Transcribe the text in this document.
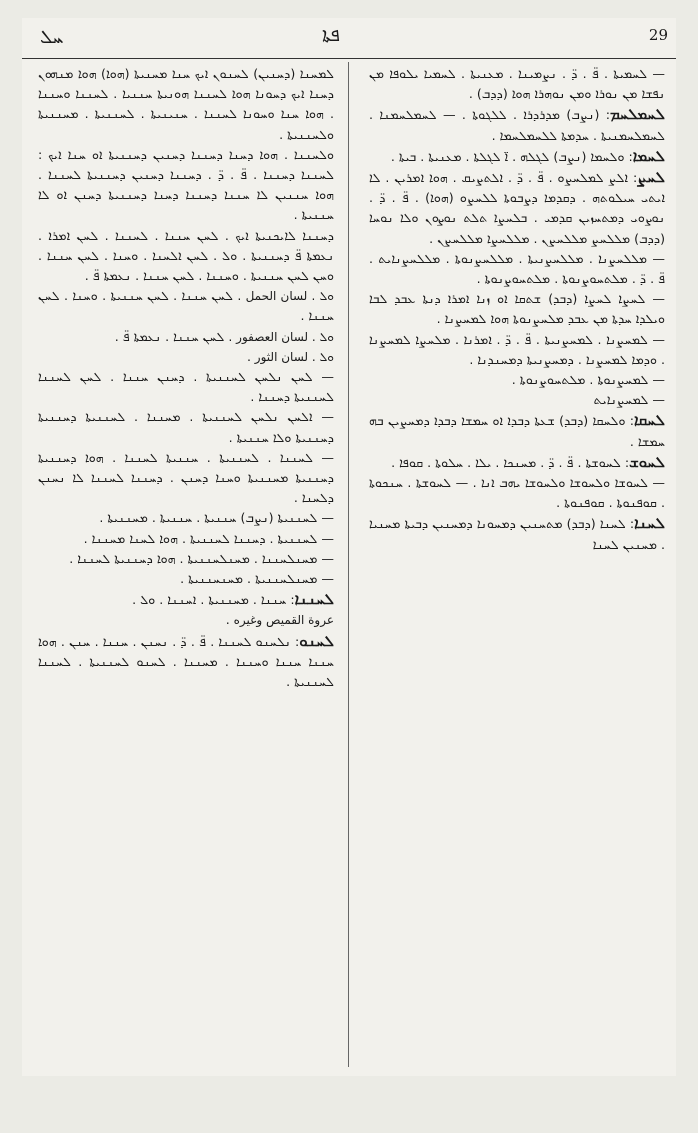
ܚܠ	ܦܬܐ	29

— ܠܚܡܝܬܐ . ܦ̈ . ܕ̈ . ܢܨܡܝܢܐ . ܡܥܢܝܬܐ . ܠܚܡܝܐ ܝܠܘܦܐ ܡܢ ܢܦܫܐ ܡܢ ܢܘܪܐ ܘܡܢ ܢܘܗܪܐ ܗܘܐ (ܕܕܒ) .

ܠܚܡܠܚܡ: (ܢܨܒ) ܡܕܪܕܪܐ . ܠܠܓܘܬܐ . — ܠܚܡܠܚܡܢܐ . ܠܚܡܠܚܡܢܝܬܐ . ܚܕܡܬܐ ܠܠܚܡܠܚܡܐ .

ܠܚܡܐ: ܘܠܚܡܐ (ܢܨܒ) ܠܓܠܗ . ܐ̈ ܠܓܠܬܐ . ܡܥܢܝܬܐ . ܒܝܬܐ .

ܠܚܨ: ܐܠܨ ܠܡܠܚܨܘ . ܦ̈ . ܕ̈ . ܐܠܬܨܝܩ . ܗܘܐ ܐܡܪܝܢ . ܠܐ ܐܝܬܝ ܚܝܠܘܬܗ . ܕܩܕܡܐ ܕܨܒܘܬܐ ܠܠܚܨܘ (ܗܘܐ) . ܦ̈ . ܕ̈ . ܢܘܨܘܝ ܕܡܬܚܙܝܢ ܩܕܡܝ . ܒܠܚܨܐ ܬܠܬ ܢܘܨܘܢ ܘܠܐ ܢܘܚܐ (ܕܕܒ) ܡܠܠܚܨ ܡܠܠܚܨܢ . ܡܠܠܚܨܐ ܡܠܠܚܨܢ .

— ܡܠܠܚܨܢܐ . ܡܠܠܚܨܢܝܬܐ . ܡܠܠܚܨܢܘܬܐ . ܡܠܠܚܨܢܐܝܬ . ܦ̈ . ܕ̈ . ܡܠܬܚܘܨܢܘܬܐ . ܡܠܬܚܘܨܢܘܬܐ .

— ܠܚܨܐ ܠܚܨܐ (ܕܒܕ) ܫܬܩܐ ܐܘ ܙܢܐ ܐܡܪܐ ܕܢܬܐ ܥܒܕ ܠܒܐ ܘܝܠܕܐ ܚܕܬܐ ܡܢ ܥܒܕ ܡܠܚܨܢܘܬܐ ܗܘܐ ܠܡܚܨܢܐ .

— ܠܡܚܨܢܐ . ܠܡܚܨܢܝܬܐ . ܦ̈ . ܕ̈ . ܐܡܪܢܐ . ܡܠܚܨܐ ܠܡܚܨܢܐ . ܘܕܡܐ ܠܡܚܨܢܐ . ܕܡܚܨܢܝܬܐ ܕܡܚܢܕܢܐ .

— ܠܡܚܨܢܘܬܐ . ܡܠܬܚܘܨܢܘܬܐ .

— ܠܡܚܨܢܐܝܬ

ܠܚܩܐ: ܘܠܚܩܐ (ܕܒܕ) ܫܥܬܐ ܕܒܕܐ ܐܘ ܚܡܫܐ ܕܒܕܐ ܕܡܚܨܝܢ ܒܗ ܚܡܫܐ .

ܠܚܘܫ: ܠܚܘܫܬܐ . ܦ̈ . ܕ̈ . ܡܚܢܟܐ . ܝܠܐ . ܚܠܘܬܐ . ܩܘܦܐ .

— ܠܚܘܫܐ ܘܠܚܘܫܐ ܘܠܚܘܫܐ ܝܗܒ ܐܢܐ . — ܠܚܘܫܬܐ . ܚܢܟܘܬܐ . ܩܘܦܢܘܬܐ . ܩܘܦܢܘܬܐ .

ܠܚܢܐ: ܠܚܢܐ (ܕܒܕ) ܡܬܚܢܝܢ ܕܡܚܘܢܐ ܕܡܚܢܝܢ ܕܒܝܬܐ ܡܚܢܝܐ . ܡܚܢܝܢ ܠܚܢܐ

ܠܡܚܢܐ (ܕܚܢܝܢ) ܠܚܢܘܢ ܐܝܟ ܚܢܐ ܡܚܢܝܬܐ (ܗܘܐ) ܗܘܐ ܡܢܗܘܢ ܕܚܢܐ ܐܝܟ ܕܚܘܢܐ ܗܘܐ ܠܚܢܢܐ ܗܘܢܝܬܐ ܚܢܢܝܐ . ܠܚܢܢܐ ܘܚܢܢܐ . ܗܘܐ ܚܢܐ ܘܚܘܢܐ ܠܚܢܢܐ . ܚܢܝܢܝܬܐ . ܠܚܢܢܝܬܐ . ܡܚܢܢܝܬܐ ܘܠܚܢܢܝܬܐ .

ܘܠܚܢܢܐ . ܗܘܐ ܕܚܢܐ ܕܚܢܢܐ ܕܚܢܝܢ ܕܚܢܢܝܬܐ ܐܘ ܚܢܐ ܐܝܟ : ܠܚܢܢܐ ܕܚܢܢܐ . ܦ̈ . ܕ̈ . ܕܚܢܢܐ ܕܚܢܝܢ ܕܚܢܢܝܬܐ ܠܚܢܢܐ . ܗܘܐ ܚܢܢܝܢ ܠܐ ܚܢܢܐ ܕܚܢܢܐ ܕܚܢܐ ܕܚܢܢܝܬܐ ܕܚܢܢ ܐܘ ܠܐ ܚܢܢܝܬܐ .

ܕܚܢܢܐ ܠܐܝܟܢܝܬܐ ܐܝܟ . ܠܚܢ ܚܢܢܐ . ܠܚܢܢܐ . ܠܚܢ ܐܡܪܐ . ܢܥܡܬܐ ܦ̈ ܕܚܢܢܝܬܐ . ܘܠ . ܠܚܢ ܐܠܚܢܐ . ܘܚܢܐ . ܠܚܢ ܚܢܢܐ . ܘܚܢ ܠܚܢ ܚܢܢܝܬܐ . ܘܚܢܢܐ . ܠܚܢ ܚܢܢܐ . ܢܥܡܬܐ ܦ̈ .

ܘܠ . لسان الحمل . ܠܚܢ ܚܢܢܐ . ܠܚܢ ܚܢܢܝܬܐ . ܘܚܢܐ . ܠܚܢ ܚܢܢܐ .

ܘܠ . لسان العصفور . ܠܚܢ ܚܢܢܐ . ܢܥܡܬܐ ܦ̈ .

ܘܠ . لسان الثور .

— ܠܚܢ ܢܠܚܢ ܠܚܢܢܝܬܐ . ܕܚܢܢ ܚܢܢܐ . ܠܚܢ ܠܚܢܢܐ ܠܚܢܢܝܬܐ ܕܚܢܢܐ .

— ܐܠܚܢ ܢܠܚܢ ܠܚܢܢܝܬܐ . ܡܚܢܢܐ . ܠܚܢܢܝܬܐ ܕܚܢܢܝܬܐ ܕܚܢܢܝܬܐ ܘܠܐ ܚܢܢܝܬܐ .

— ܠܚܢܢܐ . ܠܚܢܢܝܬܐ . ܚܢܢܝܬܐ ܠܚܢܢܐ . ܗܘܐ ܕܚܢܢܝܬܐ ܕܚܢܢܝܬܐ ܡܚܢܢܝܬܐ ܘܚܢܐ ܕܚܢܢ . ܕܚܢܢܐ ܠܚܢܢܐ ܠܐ ܢܚܢܢ ܕܠܚܢܐ .

— ܠܚܢܢܝܬܐ (ܢܨܒ) ܚܢܢܝܬܐ . ܚܢܢܝܬܐ . ܡܚܢܢܝܬܐ .

— ܠܚܢܢܝܬܐ . ܕܚܢܢܐ ܠܚܢܢܝܬܐ . ܗܘܐ ܠܚܢܐ ܡܚܢܢܐ .

— ܡܚܢܠܚܢܢܐ . ܡܚܢܠܚܢܢܝܬܐ . ܗܘܐ ܕܚܢܢܝܬܐ ܠܚܢܢܐ .

— ܡܚܢܠܚܢܢܝܬܐ . ܡܚܢܚܢܢܝܬܐ .

ܠܚܢܢܐ: ܚܢܢܐ . ܡܚܢܢܝܬܐ . ܐܚܢܢܐ . ܘܠ .

عروة القميص وغيره .

ܠܚܢܘ: ܢܠܚܢܘ ܠܚܢܢܐ . ܦ̈ . ܕ̈ . ܢܚܢܢ . ܚܢܢܐ . ܚܢܢ . ܗܘܐ ܚܢܢܐ ܚܢܢܐ ܘܚܢܢܐ . ܡܚܢܢܐ . ܠܚܢܘ ܠܚܢܢܝܬܐ . ܠܚܢܢܐ ܠܚܢܢܝܬܐ .
